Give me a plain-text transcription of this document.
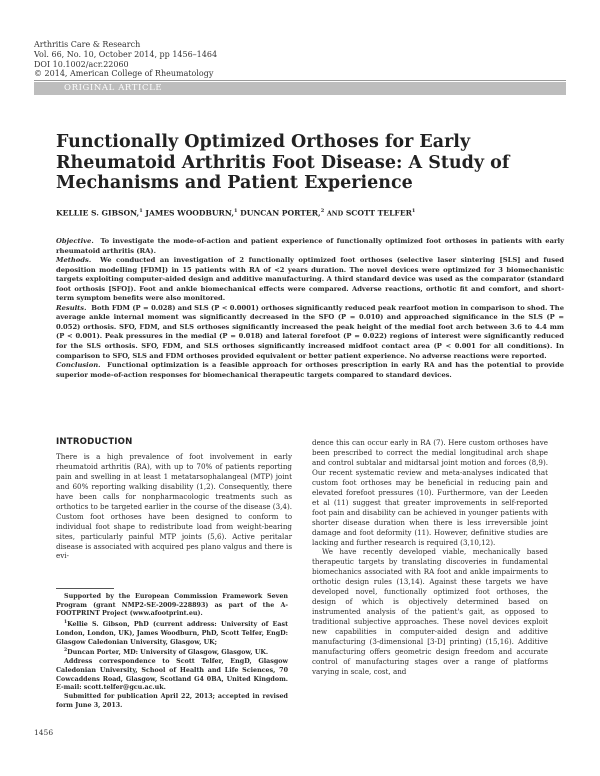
Arthritis Care & Research
Vol. 66, No. 10, October 2014, pp 1456–1464
DOI 10.1002/acr.22060
© 2014, American College of Rheumatology
ORIGINAL ARTICLE
Functionally Optimized Orthoses for Early Rheumatoid Arthritis Foot Disease: A Study of Mechanisms and Patient Experience
KELLIE S. GIBSON,$^1$ JAMES WOODBURN,$^1$ DUNCAN PORTER,$^2$ AND SCOTT TELFER$^1$

Objective. To investigate the mode-of-action and patient experience of functionally optimized foot orthoses in patients with early rheumatoid arthritis (RA).

Methods. We conducted an investigation of 2 functionally optimized foot orthoses (selective laser sintering [SLS] and fused deposition modelling [FDM]) in 15 patients with RA of <2 years duration. The novel devices were optimized for 3 biomechanistic targets exploiting computer-aided design and additive manufacturing. A third standard device was used as the comparator (standard foot orthosis [SFO]). Foot and ankle biomechanical effects were compared. Adverse reactions, orthotic fit and comfort, and short-term symptom benefits were also monitored.

Results. Both FDM (P = 0.028) and SLS (P < 0.0001) orthoses significantly reduced peak rearfoot motion in comparison to shod. The average ankle internal moment was significantly decreased in the SFO (P = 0.010) and approached significance in the SLS (P = 0.052) orthosis. SFO, FDM, and SLS orthoses significantly increased the peak height of the medial foot arch between 3.6 to 4.4 mm (P < 0.001). Peak pressures in the medial (P = 0.018) and lateral forefoot (P = 0.022) regions of interest were significantly reduced for the SLS orthosis. SFO, FDM, and SLS orthoses significantly increased midfoot contact area (P < 0.001 for all conditions). In comparison to SFO, SLS and FDM orthoses provided equivalent or better patient experience. No adverse reactions were reported.

Conclusion. Functional optimization is a feasible approach for orthoses prescription in early RA and has the potential to provide superior mode-of-action responses for biomechanical therapeutic targets compared to standard devices.

INTRODUCTION

There is a high prevalence of foot involvement in early rheumatoid arthritis (RA), with up to 70% of patients reporting pain and swelling in at least 1 metatarsophalangeal (MTP) joint and 60% reporting walking disability (1,2). Consequently, there have been calls for nonpharmacologic treatments such as orthotics to be targeted earlier in the course of the disease (3,4). Custom foot orthoses have been designed to conform to individual foot shape to redistribute load from weight-bearing sites, particularly painful MTP joints (5,6). Active peritalar disease is associated with acquired pes plano valgus and there is evi-

dence this can occur early in RA (7). Here custom orthoses have been prescribed to correct the medial longitudinal arch shape and control subtalar and midtarsal joint motion and forces (8,9). Our recent systematic review and meta-analyses indicated that custom foot orthoses may be beneficial in reducing pain and elevated forefoot pressures (10). Furthermore, van der Leeden et al (11) suggest that greater improvements in self-reported foot pain and disability can be achieved in younger patients with shorter disease duration when there is less irreversible joint damage and foot deformity (11). However, definitive studies are lacking and further research is required (3,10,12).

We have recently developed viable, mechanically based therapeutic targets by translating discoveries in fundamental biomechanics associated with RA foot and ankle impairments to orthotic design rules (13,14). Against these targets we have developed novel, functionally optimized foot orthoses, the design of which is objectively determined based on instrumented analysis of the patient's gait, as opposed to traditional subjective approaches. These novel devices exploit new capabilities in computer-aided design and additive manufacturing (3-dimensional [3-D] printing) (15,16). Additive manufacturing offers geometric design freedom and accurate control of manufacturing stages over a range of platforms varying in scale, cost, and

Supported by the European Commission Framework Seven Program (grant NMP2-SE-2009-228893) as part of the A-FOOTPRINT Project (www.afootprint.eu).

$^1$Kellie S. Gibson, PhD (current address: University of East London, London, UK), James Woodburn, PhD, Scott Telfer, EngD: Glasgow Caledonian University, Glasgow, UK;

$^2$Duncan Porter, MD: University of Glasgow, Glasgow, UK.

Address correspondence to Scott Telfer, EngD, Glasgow Caledonian University, School of Health and Life Sciences, 70 Cowcaddens Road, Glasgow, Scotland G4 0BA, United Kingdom. E-mail: scott.telfer@gcu.ac.uk.

Submitted for publication April 22, 2013; accepted in revised form June 3, 2013.

1456
